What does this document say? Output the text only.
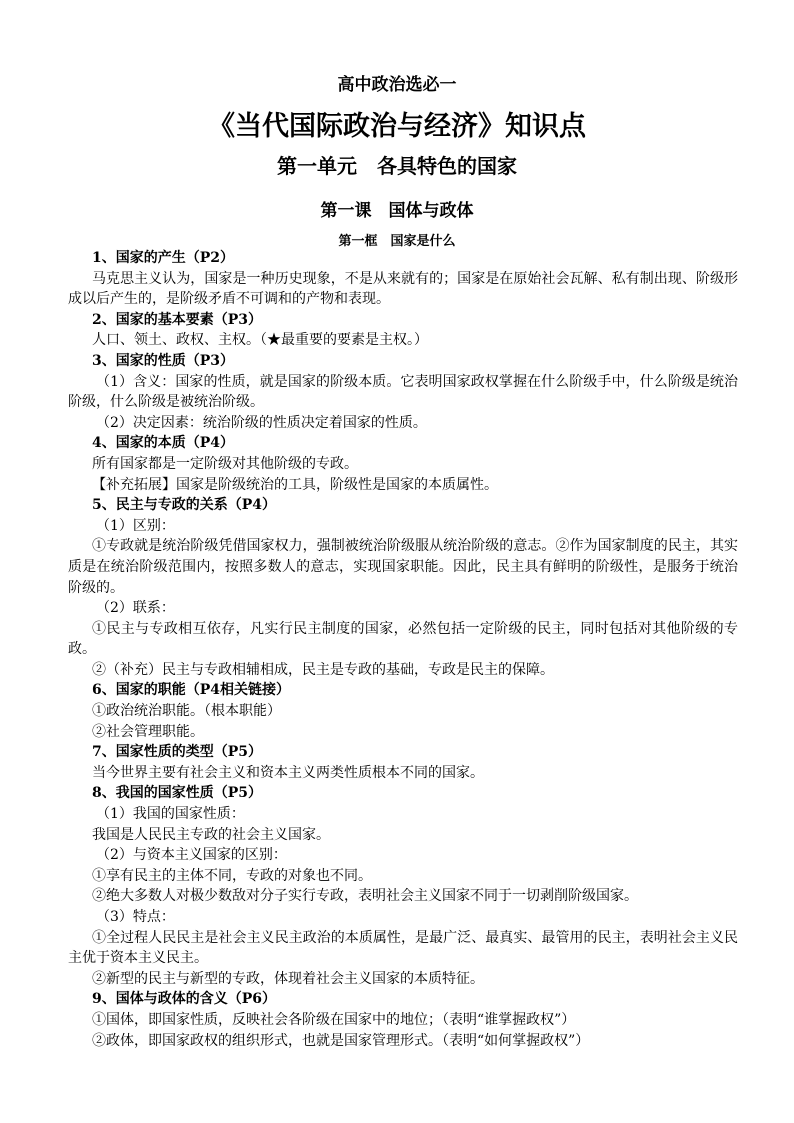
高中政治选必一
《当代国际政治与经济》知识点
第一单元　各具特色的国家
第一课　国体与政体
第一框　国家是什么

1、国家的产生（P2）

马克思主义认为，国家是一种历史现象，不是从来就有的；国家是在原始社会瓦解、私有制出现、阶级形成以后产生的，是阶级矛盾不可调和的产物和表现。

2、国家的基本要素（P3）

人口、领土、政权、主权。（★最重要的要素是主权。）

3、国家的性质（P3）

（1）含义：国家的性质，就是国家的阶级本质。它表明国家政权掌握在什么阶级手中，什么阶级是统治阶级，什么阶级是被统治阶级。

（2）决定因素：统治阶级的性质决定着国家的性质。

4、国家的本质（P4）

所有国家都是一定阶级对其他阶级的专政。

【补充拓展】国家是阶级统治的工具，阶级性是国家的本质属性。

5、民主与专政的关系（P4）

（1）区别：

①专政就是统治阶级凭借国家权力，强制被统治阶级服从统治阶级的意志。②作为国家制度的民主，其实质是在统治阶级范围内，按照多数人的意志，实现国家职能。因此，民主具有鲜明的阶级性，是服务于统治阶级的。

（2）联系：

①民主与专政相互依存，凡实行民主制度的国家，必然包括一定阶级的民主，同时包括对其他阶级的专政。

②（补充）民主与专政相辅相成，民主是专政的基础，专政是民主的保障。

6、国家的职能（P4相关链接）

①政治统治职能。（根本职能）

②社会管理职能。

7、国家性质的类型（P5）

当今世界主要有社会主义和资本主义两类性质根本不同的国家。

8、我国的国家性质（P5）

（1）我国的国家性质：

我国是人民民主专政的社会主义国家。

（2）与资本主义国家的区别：

①享有民主的主体不同，专政的对象也不同。

②绝大多数人对极少数敌对分子实行专政，表明社会主义国家不同于一切剥削阶级国家。

（3）特点：

①全过程人民民主是社会主义民主政治的本质属性，是最广泛、最真实、最管用的民主，表明社会主义民主优于资本主义民主。

②新型的民主与新型的专政，体现着社会主义国家的本质特征。

9、国体与政体的含义（P6）

①国体，即国家性质，反映社会各阶级在国家中的地位；（表明“谁掌握政权”）

②政体，即国家政权的组织形式，也就是国家管理形式。（表明“如何掌握政权”）
